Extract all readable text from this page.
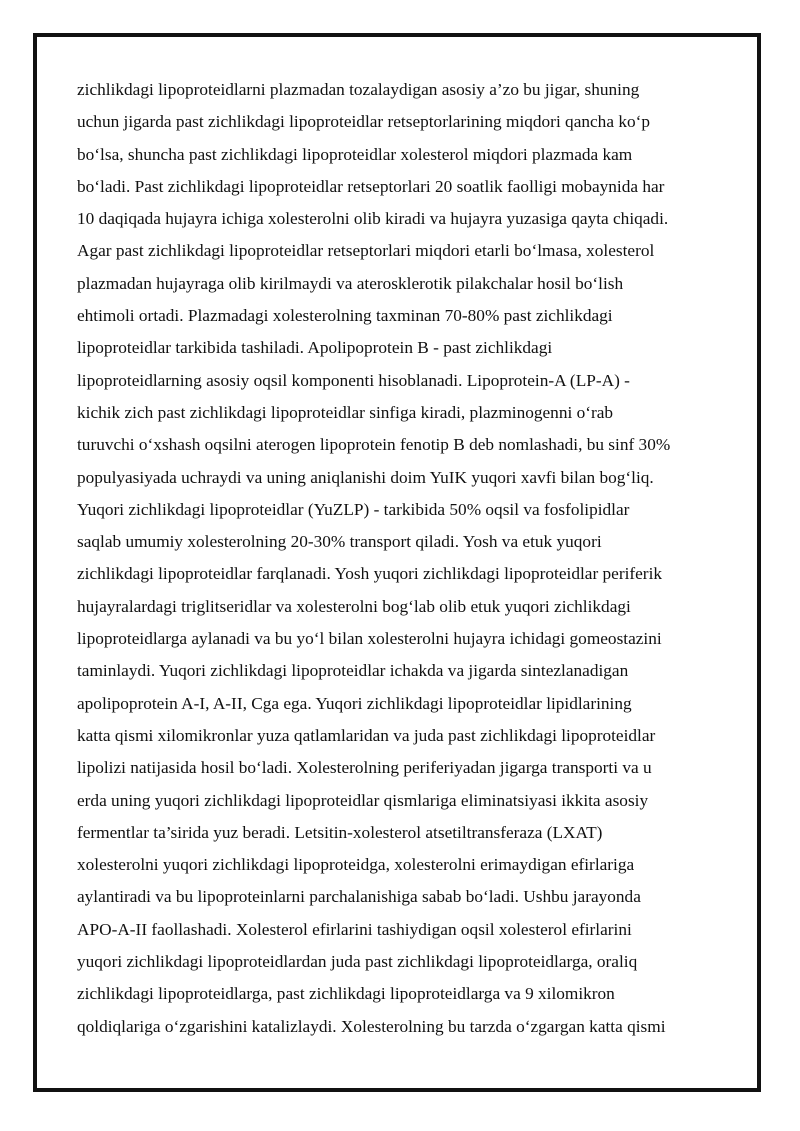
zichlikdagi lipoproteidlarni plazmadan tozalaydigan asosiy a’zo bu jigar, shuning
uchun jigarda past zichlikdagi lipoproteidlar retseptorlarining miqdori qancha ko‘p
bo‘lsa, shuncha past zichlikdagi lipoproteidlar xolesterol miqdori plazmada kam
bo‘ladi. Past zichlikdagi lipoproteidlar retseptorlari 20 soatlik faolligi mobaynida har
10 daqiqada hujayra ichiga xolesterolni olib kiradi va hujayra yuzasiga qayta chiqadi.
Agar past zichlikdagi lipoproteidlar retseptorlari miqdori etarli bo‘lmasa, xolesterol
plazmadan hujayraga olib kirilmaydi va aterosklerotik pilakchalar hosil bo‘lish
ehtimoli ortadi. Plazmadagi xolesterolning taxminan 70-80% past zichlikdagi
lipoproteidlar tarkibida tashiladi. Apolipoprotein B - past zichlikdagi
lipoproteidlarning asosiy oqsil komponenti hisoblanadi. Lipoprotein-A (LP-A) -
kichik zich past zichlikdagi lipoproteidlar sinfiga kiradi, plazminogenni o‘rab
turuvchi o‘xshash oqsilni aterogen lipoprotein fenotip B deb nomlashadi, bu sinf 30%
populyasiyada uchraydi va uning aniqlanishi doim YuIK yuqori xavfi bilan bog‘liq.
Yuqori zichlikdagi lipoproteidlar (YuZLP) - tarkibida 50% oqsil va fosfolipidlar
saqlab umumiy xolesterolning 20-30% transport qiladi. Yosh va etuk yuqori
zichlikdagi lipoproteidlar farqlanadi. Yosh yuqori zichlikdagi lipoproteidlar periferik
hujayralardagi triglitseridlar va xolesterolni bog‘lab olib etuk yuqori zichlikdagi
lipoproteidlarga aylanadi va bu yo‘l bilan xolesterolni hujayra ichidagi gomeostazini
taminlaydi. Yuqori zichlikdagi lipoproteidlar ichakda va jigarda sintezlanadigan
apolipoprotein A-I, A-II, Cga ega. Yuqori zichlikdagi lipoproteidlar lipidlarining
katta qismi xilomikronlar yuza qatlamlaridan va juda past zichlikdagi lipoproteidlar
lipolizi natijasida hosil bo‘ladi. Xolesterolning periferiyadan jigarga transporti va u
erda uning yuqori zichlikdagi lipoproteidlar qismlariga eliminatsiyasi ikkita asosiy
fermentlar ta’sirida yuz beradi. Letsitin-xolesterol atsetiltransferaza (LXAT)
xolesterolni yuqori zichlikdagi lipoproteidga, xolesterolni erimaydigan efirlariga
aylantiradi va bu lipoproteinlarni parchalanishiga sabab bo‘ladi. Ushbu jarayonda
APO-A-II faollashadi. Xolesterol efirlarini tashiydigan oqsil xolesterol efirlarini
yuqori zichlikdagi lipoproteidlardan juda past zichlikdagi lipoproteidlarga, oraliq
zichlikdagi lipoproteidlarga, past zichlikdagi lipoproteidlarga va 9 xilomikron
qoldiqlariga o‘zgarishini katalizlaydi. Xolesterolning bu tarzda o‘zgargan katta qismi
